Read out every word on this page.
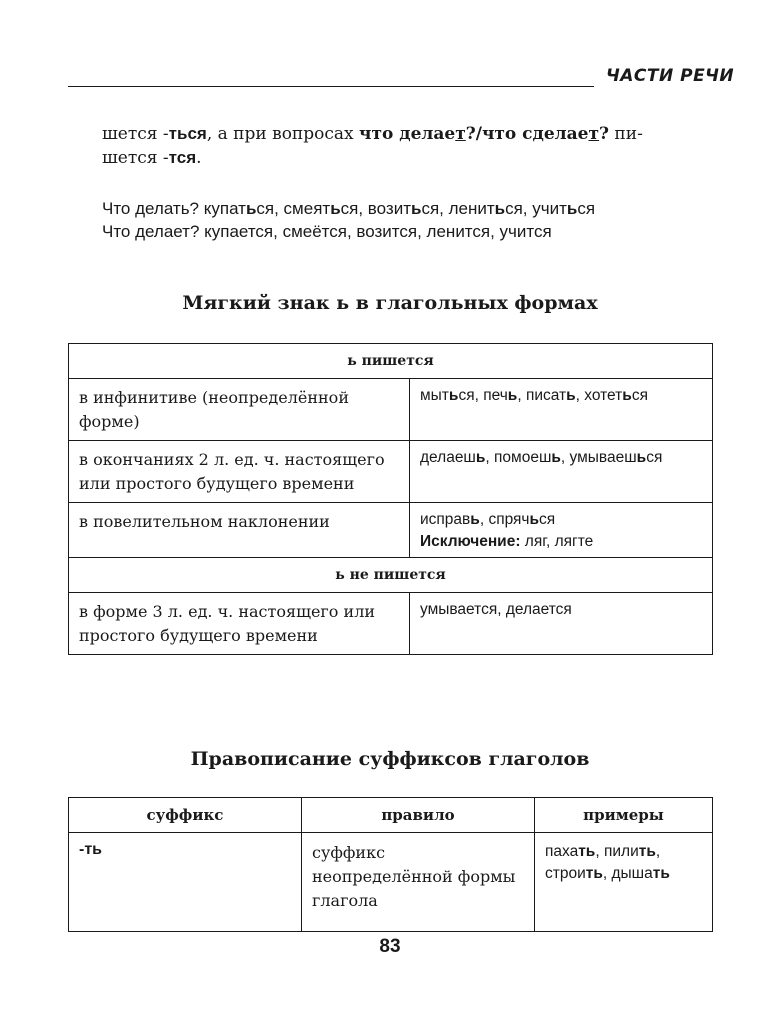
ЧАСТИ РЕЧИ
шется -ться, а при вопросах что делает?/что сделает? пи-
шется -тся.
Что делать? купаться, смеяться, возиться, лениться, учиться
Что делает? купается, смеётся, возится, ленится, учится
Мягкий знак ь в глагольных формах
ь пишется	
в инфинитиве (неопределённой форме)	мыться, печь, писать, хотеться
в окончаниях 2 л. ед. ч. настоящего или простого будущего времени	делаешь, помоешь, умываешься
в повелительном наклонении	исправь, спрячься
Исключение: ляг, лягте
ь не пишется	
в форме 3 л. ед. ч. настоящего или простого будущего времени	умывается, делается
Правописание суффиксов глаголов
суффикс	правило	примеры
-ть	суффикс неопределённой формы глагола	пахать, пилить,
строить, дышать
83
